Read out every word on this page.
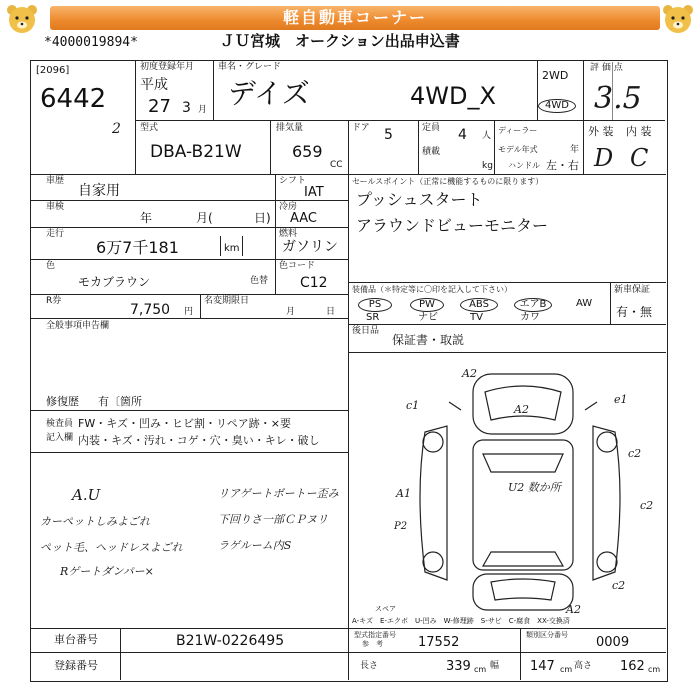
軽自動車コーナー
*4000019894*	ＪＵ宮城　オークション出品申込書
[2096]
6442
2
初度登録年月
平成
27 3 月
車名・グレード
デイズ	4WD_X
2WD
4WD
評 価 点
3.5
外 装 内 装
D C
型式
DBA-B21W
排気量
659
CC
ドア 5	定員 4 人
積載
kg
ディーラー
モデル年式	年
ハンドル 左・右
車歴
自家用
車検
年	月(	日)
走行
6万7千181	km
シフト
IAT
冷房
AAC
燃料
ガソリン
色
モカブラウン	色替
色コード
C12
R券
7,750 円
名変期限日
月	日
全般事項申告欄
修復歴 有〔箇所
検査員
記入欄
FW・キズ・凹み・ヒビ割・リペア跡・×要
内装・キズ・汚れ・コゲ・穴・臭い・キレ・破し
A.U
カーペットしみよごれ
ペット毛、ヘッドレスよごれ
Rゲートダンパー×
リアゲートボートー歪み
下回りさ一部ＣＰヌリ
ラゲルーム内S
セールスポイント（正常に機能するものに限ります）
プッシュスタート
アラウンドビューモニター
装備品（＊特定等に〇印を記入して下さい）
PS	PW	ABS	エアB	AW
SR	ナビ	TV	カワ
新車保証
有・無
後日品
保証書・取説
A2
A2
e1
c1
c2
A1	U2 数か所
c2
P2
c2
A2
スペア
A-キズ　E-エクボ　U-凹み　W-修理跡　S-サビ　C-腐食　XX-交換済
車台番号	B21W-0226495
登録番号
型式指定番号
参　考	17552	類別区分番号 0009
長さ	339 cm 幅 147 cm 高さ 162 cm
